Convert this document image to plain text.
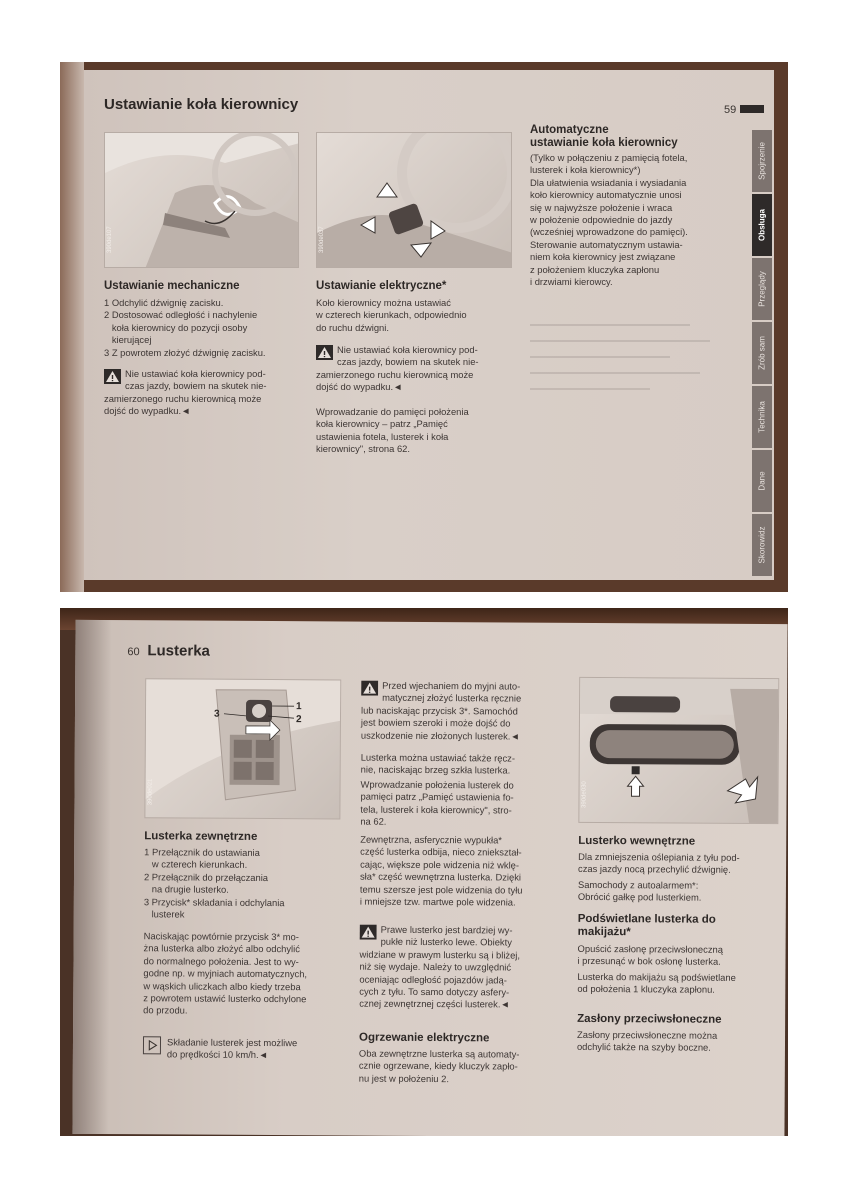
Ustawianie koła kierownicy	59
390de107	390de037
Ustawianie mechaniczne
1 Odchylić dźwignię zacisku.
2 Dostosować odległość i nachylenie
koła kierownicy do pozycji osoby
kierującej
3 Z powrotem złożyć dźwignię zacisku.
Nie ustawiać koła kierownicy pod-
czas jazdy, bowiem na skutek nie-
zamierzonego ruchu kierownicą może
dojść do wypadku.◄
Ustawianie elektryczne*
Koło kierownicy można ustawiać
w czterech kierunkach, odpowiednio
do ruchu dźwigni.
Nie ustawiać koła kierownicy pod-
czas jazdy, bowiem na skutek nie-
zamierzonego ruchu kierownicą może
dojść do wypadku.◄
Wprowadzanie do pamięci położenia
koła kierownicy – patrz „Pamięć
ustawienia fotela, lusterek i koła
kierownicy", strona 62.
Automatyczne
ustawianie koła kierownicy
(Tylko w połączeniu z pamięcią fotela,
lusterek i koła kierownicy*)
Dla ułatwienia wsiadania i wysiadania
koło kierownicy automatycznie unosi
się w najwyższe położenie i wraca
w położenie odpowiednie do jazdy
(wcześniej wprowadzone do pamięci).
Sterowanie automatycznym ustawia-
niem koła kierownicy jest związane
z położeniem kluczyka zapłonu
i drzwiami kierowcy.
Spojrzenie
Obsługa
Przeglądy
Zrób sam
Technika
Dane
Skorowidz
60 Lusterka
1
2
3
390de021
Lusterka zewnętrzne
1 Przełącznik do ustawiania
w czterech kierunkach.
2 Przełącznik do przełączania
na drugie lusterko.
3 Przycisk* składania i odchylania
lusterek
Naciskając powtórnie przycisk 3* mo-
żna lusterka albo złożyć albo odchylić
do normalnego położenia. Jest to wy-
godne np. w myjniach automatycznych,
w wąskich uliczkach albo kiedy trzeba
z powrotem ustawić lusterko odchylone
do przodu.
Składanie lusterek jest możliwe
do prędkości 10 km/h.◄
Przed wjechaniem do myjni auto-
matycznej złożyć lusterka ręcznie
lub naciskając przycisk 3*. Samochód
jest bowiem szeroki i może dojść do
uszkodzenie nie złożonych lusterek.◄
Lusterka można ustawiać także ręcz-
nie, naciskając brzeg szkła lusterka.
Wprowadzanie położenia lusterek do
pamięci patrz „Pamięć ustawienia fo-
tela, lusterek i koła kierownicy", stro-
na 62.
Zewnętrzna, asferycznie wypukła*
część lusterka odbija, nieco zniekształ-
cając, większe pole widzenia niż wklę-
sła* część wewnętrzna lusterka. Dzięki
temu szersze jest pole widzenia do tyłu
i mniejsze tzw. martwe pole widzenia.
Prawe lusterko jest bardziej wy-
pukłe niż lusterko lewe. Obiekty
widziane w prawym lusterku są i bliżej,
niż się wydaje. Należy to uwzględnić
oceniając odległość pojazdów jadą-
cych z tyłu. To samo dotyczy asfery-
cznej zewnętrznej części lusterek.◄
Ogrzewanie elektryczne
Oba zewnętrzne lusterka są automaty-
cznie ogrzewane, kiedy kluczyk zapło-
nu jest w położeniu 2.
390de030
Lusterko wewnętrzne
Dla zmniejszenia oślepiania z tyłu pod-
czas jazdy nocą przechylić dźwignię.
Samochody z autoalarmem*:
Obrócić gałkę pod lusterkiem.
Podświetlane lusterka do
makijażu*
Opuścić zasłonę przeciwsłoneczną
i przesunąć w bok osłonę lusterka.
Lusterka do makijażu są podświetlane
od położenia 1 kluczyka zapłonu.
Zasłony przeciwsłoneczne
Zasłony przeciwsłoneczne można
odchylić także na szyby boczne.
